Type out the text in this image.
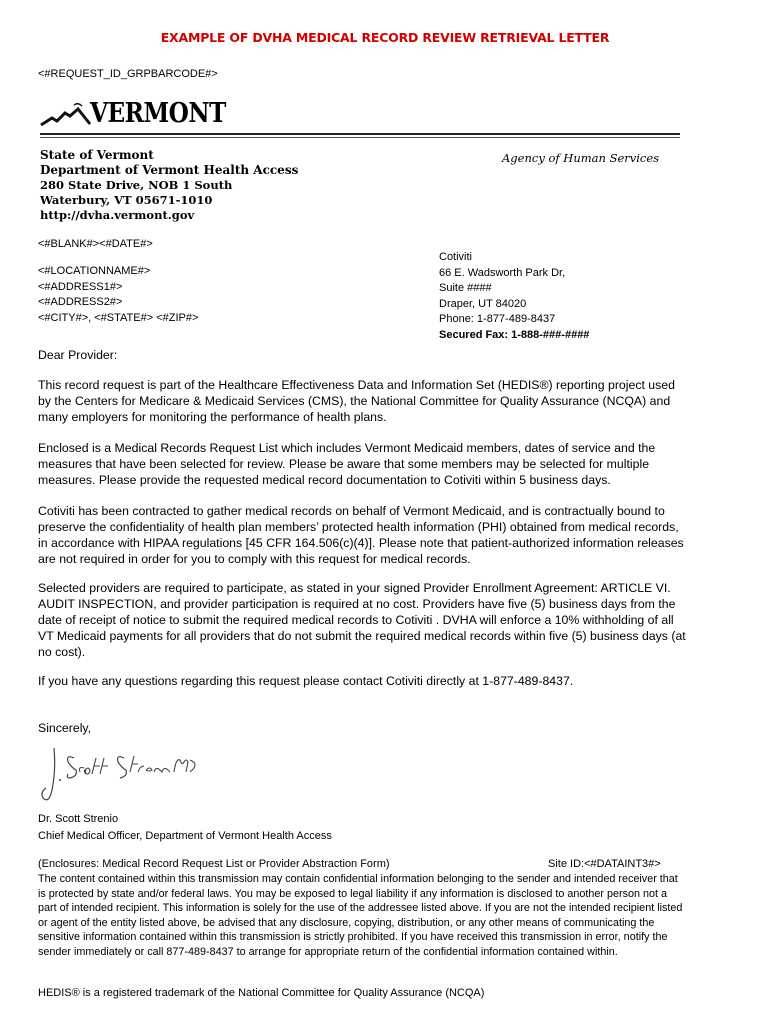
EXAMPLE OF DVHA MEDICAL RECORD REVIEW RETRIEVAL LETTER
<#REQUEST_ID_GRPBARCODE#>
VERMONT
State of Vermont
Department of Vermont Health Access
280 State Drive, NOB 1 South
Waterbury, VT 05671-1010
http://dvha.vermont.gov
Agency of Human Services
<#BLANK#><#DATE#>
<#LOCATIONNAME#>
<#ADDRESS1#>
<#ADDRESS2#>
<#CITY#>, <#STATE#> <#ZIP#>
Cotiviti
66 E. Wadsworth Park Dr,
Suite ####
Draper, UT 84020
Phone: 1-877-489-8437
Secured Fax: 1-888-###-####
Dear Provider:

This record request is part of the Healthcare Effectiveness Data and Information Set (HEDIS®) reporting project used by the Centers for Medicare & Medicaid Services (CMS), the National Committee for Quality Assurance (NCQA) and many employers for monitoring the performance of health plans.

Enclosed is a Medical Records Request List which includes Vermont Medicaid members, dates of service and the measures that have been selected for review. Please be aware that some members may be selected for multiple measures. Please provide the requested medical record documentation to Cotiviti within 5 business days.

Cotiviti has been contracted to gather medical records on behalf of Vermont Medicaid, and is contractually bound to preserve the confidentiality of health plan members’ protected health information (PHI) obtained from medical records, in accordance with HIPAA regulations [45 CFR 164.506(c)(4)]. Please note that patient-authorized information releases are not required in order for you to comply with this request for medical records.

Selected providers are required to participate, as stated in your signed Provider Enrollment Agreement: ARTICLE VI. AUDIT INSPECTION, and provider participation is required at no cost. Providers have five (5) business days from the date of receipt of notice to submit the required medical records to Cotiviti . DVHA will enforce a 10% withholding of all VT Medicaid payments for all providers that do not submit the required medical records within five (5) business days (at no cost).

If you have any questions regarding this request please contact Cotiviti directly at 1-877-489-8437.

Sincerely,
Dr. Scott Strenio
Chief Medical Officer, Department of Vermont Health Access
(Enclosures: Medical Record Request List or Provider Abstraction Form)	Site ID:<#DATAINT3#>
The content contained within this transmission may contain confidential information belonging to the sender and intended receiver that is protected by state and/or federal laws. You may be exposed to legal liability if any information is disclosed to another person not a part of intended recipient. This information is solely for the use of the addressee listed above. If you are not the intended recipient listed or agent of the entity listed above, be advised that any disclosure, copying, distribution, or any other means of communicating the sensitive information contained within this transmission is strictly prohibited. If you have received this transmission in error, notify the sender immediately or call 877-489-8437 to arrange for appropriate return of the confidential information contained within.
HEDIS® is a registered trademark of the National Committee for Quality Assurance (NCQA)
